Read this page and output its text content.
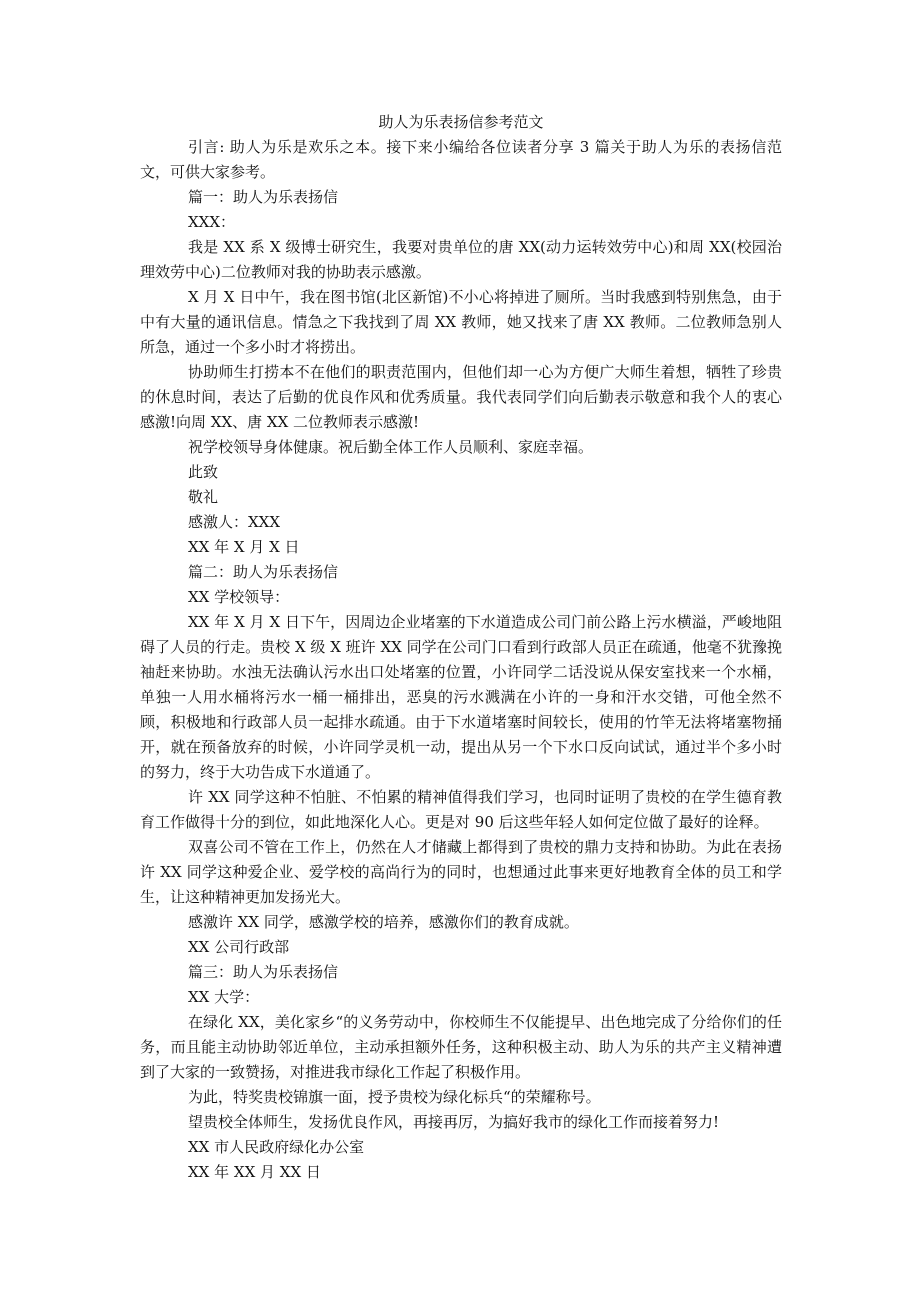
助人为乐表扬信参考范文

引言: 助人为乐是欢乐之本。接下来小编给各位读者分享 3 篇关于助人为乐的表扬信范文，可供大家参考。

篇一：助人为乐表扬信

XXX：

我是 XX 系 X 级博士研究生，我要对贵单位的唐 XX(动力运转效劳中心)和周 XX(校园治理效劳中心)二位教师对我的协助表示感激。

X 月 X 日中午，我在图书馆(北区新馆)不小心将掉进了厕所。当时我感到特别焦急，由于中有大量的通讯信息。情急之下我找到了周 XX 教师，她又找来了唐 XX 教师。二位教师急别人所急，通过一个多小时才将捞出。

协助师生打捞本不在他们的职责范围内，但他们却一心为方便广大师生着想，牺牲了珍贵的休息时间，表达了后勤的优良作风和优秀质量。我代表同学们向后勤表示敬意和我个人的衷心感激!向周 XX、唐 XX 二位教师表示感激!

祝学校领导身体健康。祝后勤全体工作人员顺利、家庭幸福。

此致

敬礼

感激人：XXX

XX 年 X 月 X 日

篇二：助人为乐表扬信

XX 学校领导：

XX 年 X 月 X 日下午，因周边企业堵塞的下水道造成公司门前公路上污水横溢，严峻地阻碍了人员的行走。贵校 X 级 X 班许 XX 同学在公司门口看到行政部人员正在疏通，他毫不犹豫挽袖赶来协助。水浊无法确认污水出口处堵塞的位置，小许同学二话没说从保安室找来一个水桶，单独一人用水桶将污水一桶一桶排出，恶臭的污水溅满在小许的一身和汗水交错，可他全然不顾，积极地和行政部人员一起排水疏通。由于下水道堵塞时间较长，使用的竹竿无法将堵塞物捅开，就在预备放弃的时候，小许同学灵机一动，提出从另一个下水口反向试试，通过半个多小时的努力，终于大功告成下水道通了。

许 XX 同学这种不怕脏、不怕累的精神值得我们学习，也同时证明了贵校的在学生德育教育工作做得十分的到位，如此地深化人心。更是对 90 后这些年轻人如何定位做了最好的诠释。

双喜公司不管在工作上，仍然在人才储藏上都得到了贵校的鼎力支持和协助。为此在表扬许 XX 同学这种爱企业、爱学校的高尚行为的同时，也想通过此事来更好地教育全体的员工和学生，让这种精神更加发扬光大。

感激许 XX 同学，感激学校的培养，感激你们的教育成就。

XX 公司行政部

篇三：助人为乐表扬信

XX 大学：

在绿化 XX，美化家乡“的义务劳动中，你校师生不仅能提早、出色地完成了分给你们的任务，而且能主动协助邻近单位，主动承担额外任务，这种积极主动、助人为乐的共产主义精神遭到了大家的一致赞扬，对推进我市绿化工作起了积极作用。

为此，特奖贵校锦旗一面，授予贵校为绿化标兵“的荣耀称号。

望贵校全体师生，发扬优良作风，再接再厉，为搞好我市的绿化工作而接着努力!

XX 市人民政府绿化办公室

XX 年 XX 月 XX 日
